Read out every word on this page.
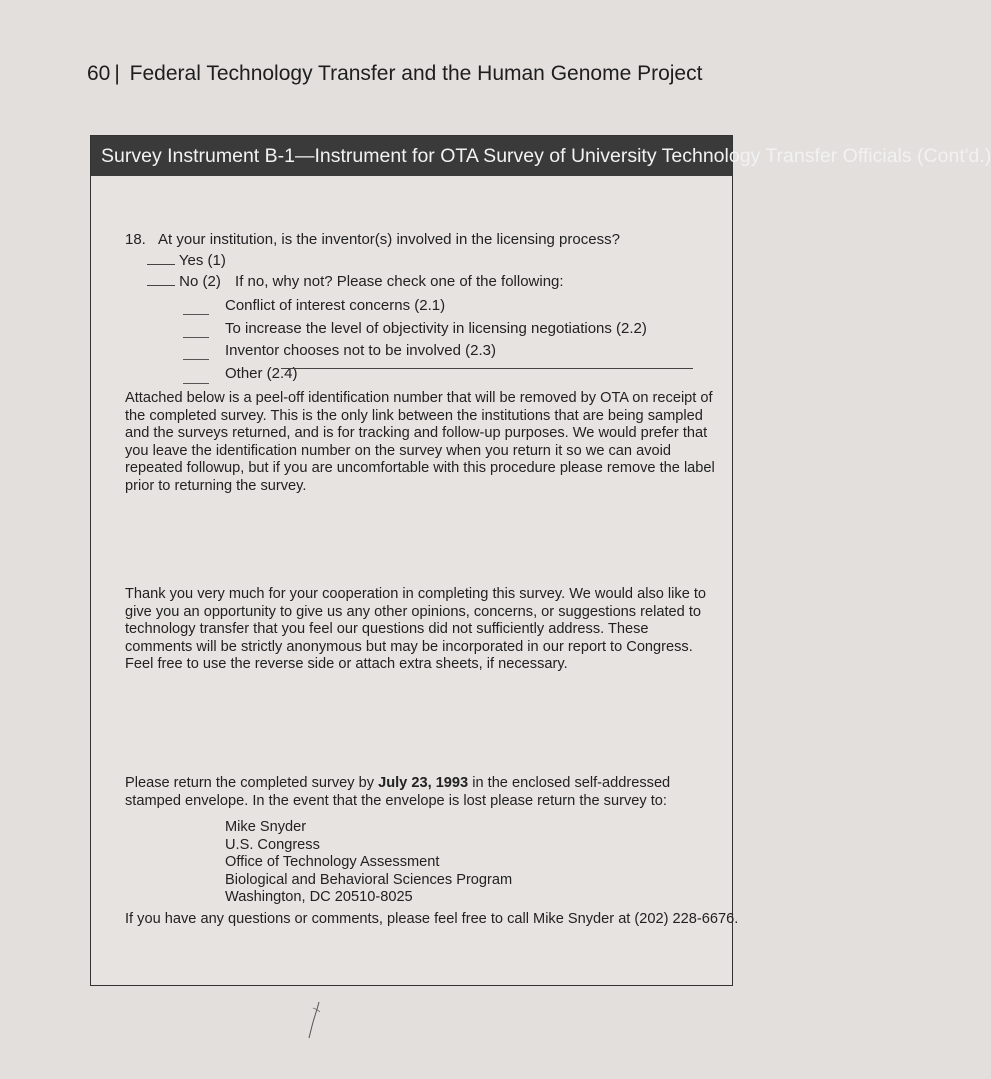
60 | Federal Technology Transfer and the Human Genome Project
Survey Instrument B-1—Instrument for OTA Survey of University Technology Transfer Officials (Cont'd.)
18. At your institution, is the inventor(s) involved in the licensing process?
Yes (1)
No (2) If no, why not? Please check one of the following:
Conflict of interest concerns (2.1)
To increase the level of objectivity in licensing negotiations (2.2)
Inventor chooses not to be involved (2.3)
Other (2.4)
Attached below is a peel-off identification number that will be removed by OTA on receipt of the completed survey. This is the only link between the institutions that are being sampled and the surveys returned, and is for tracking and follow-up purposes. We would prefer that you leave the identification number on the survey when you return it so we can avoid repeated followup, but if you are uncomfortable with this procedure please remove the label prior to returning the survey.
Thank you very much for your cooperation in completing this survey. We would also like to give you an opportunity to give us any other opinions, concerns, or suggestions related to technology transfer that you feel our questions did not sufficiently address. These comments will be strictly anonymous but may be incorporated in our report to Congress. Feel free to use the reverse side or attach extra sheets, if necessary.
Please return the completed survey by July 23, 1993 in the enclosed self-addressed stamped envelope. In the event that the envelope is lost please return the survey to:
Mike Snyder
U.S. Congress
Office of Technology Assessment
Biological and Behavioral Sciences Program
Washington, DC 20510-8025
If you have any questions or comments, please feel free to call Mike Snyder at (202) 228-6676.
